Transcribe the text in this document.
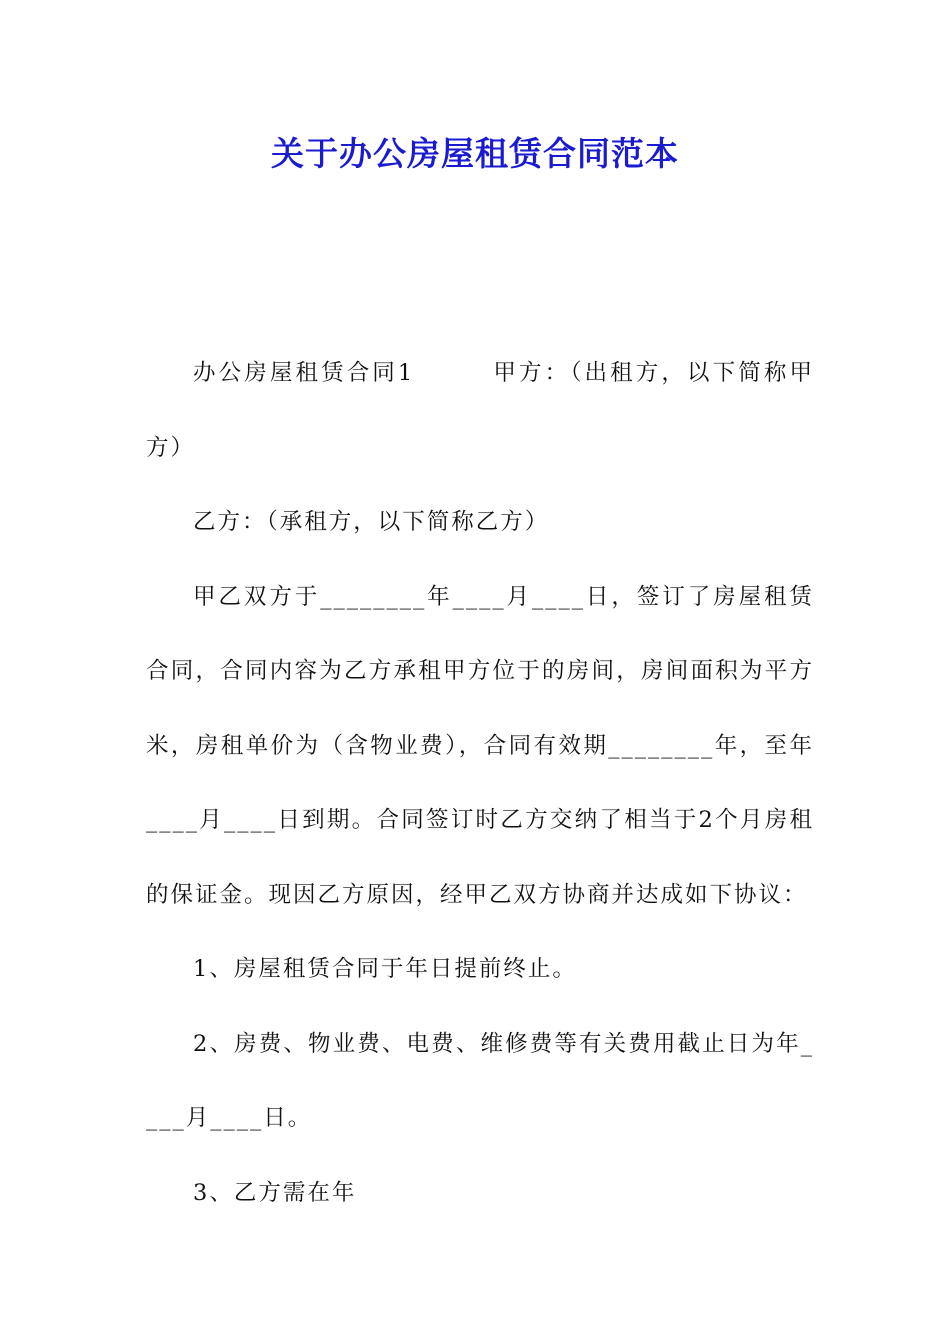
关于办公房屋租赁合同范本

办公房屋租赁合同1	甲方：（出租方，以下简称甲方）

乙方：（承租方，以下简称乙方）

甲乙双方于________年____月____日，签订了房屋租赁合同，合同内容为乙方承租甲方位于的房间，房间面积为平方米，房租单价为（含物业费），合同有效期________年，至年____月____日到期。合同签订时乙方交纳了相当于2个月房租的保证金。现因乙方原因，经甲乙双方协商并达成如下协议：

1、房屋租赁合同于年日提前终止。

2、房费、物业费、电费、维修费等有关费用截止日为年____月____日。

3、乙方需在年
